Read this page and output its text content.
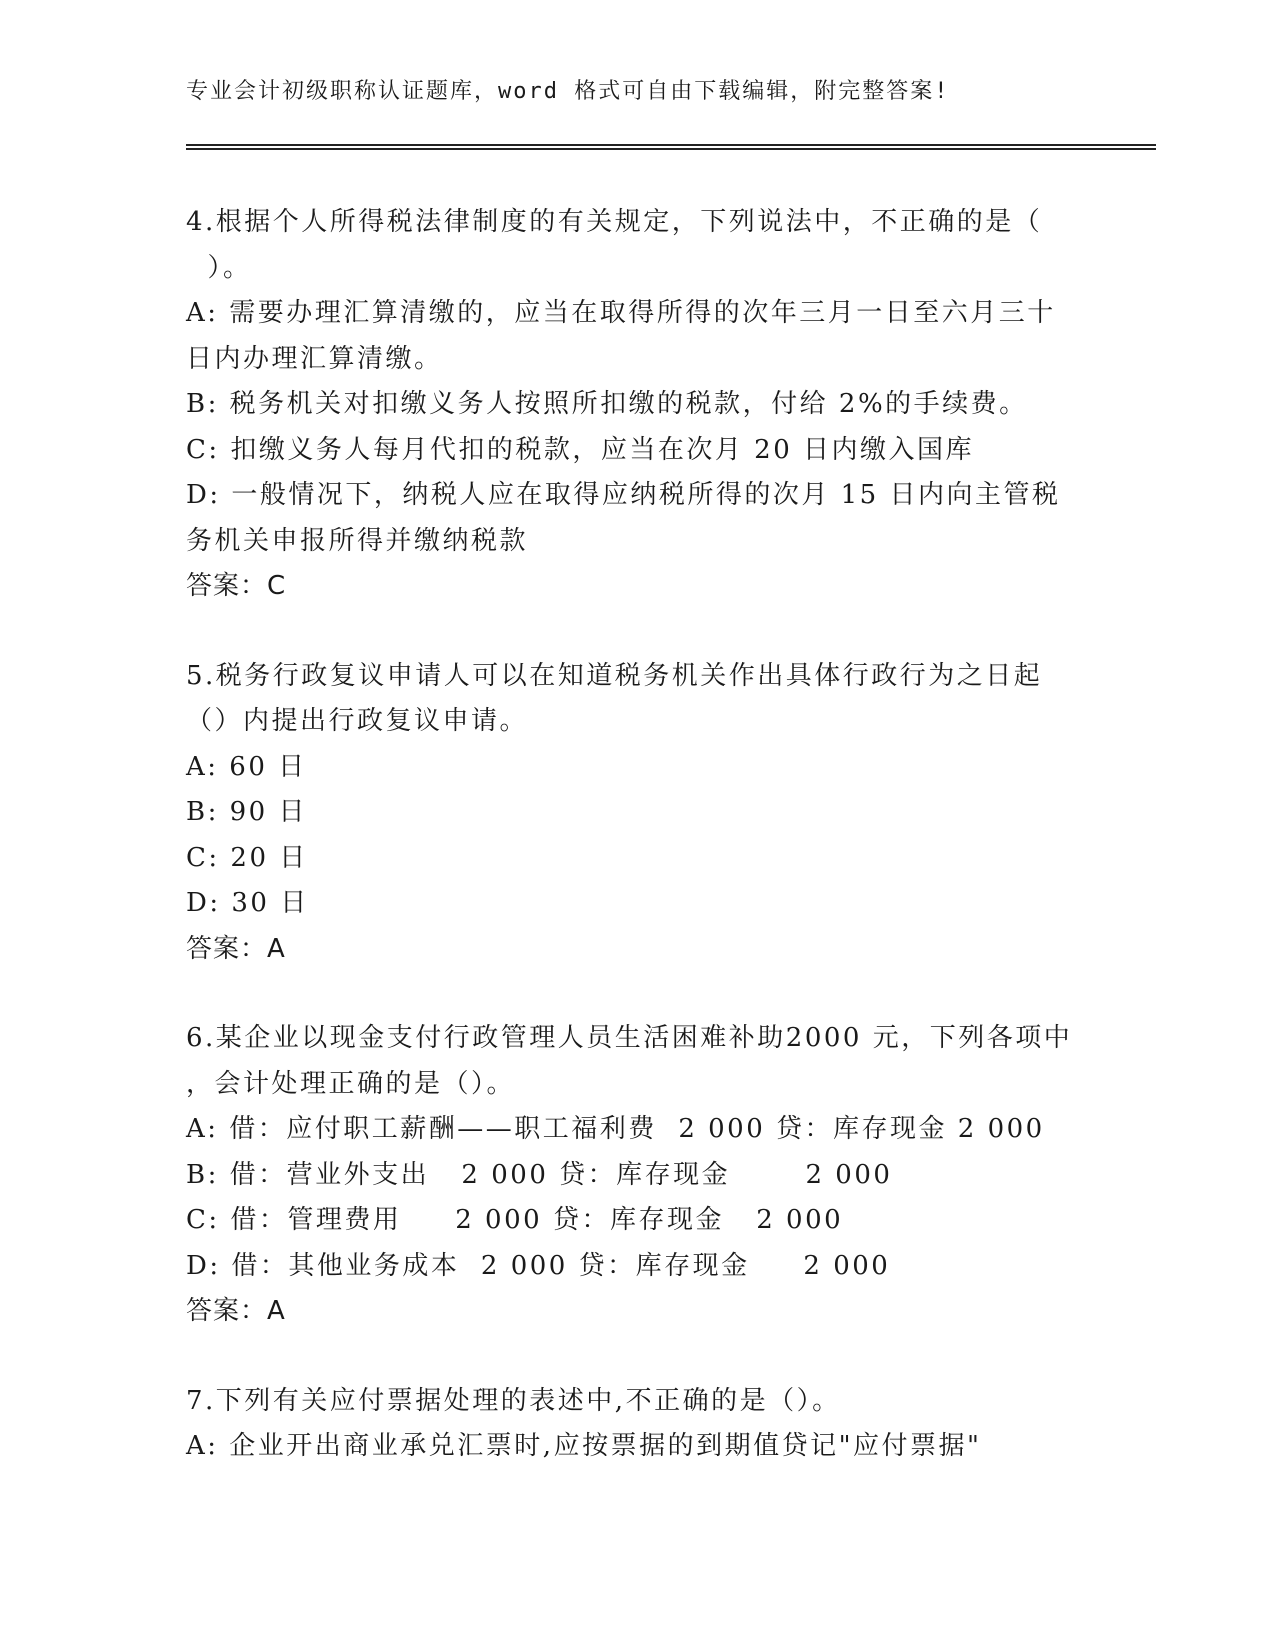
专业会计初级职称认证题库，word 格式可自由下载编辑，附完整答案!
4.根据个人所得税法律制度的有关规定，下列说法中，不正确的是（
）。
A: 需要办理汇算清缴的，应当在取得所得的次年三月一日至六月三十
日内办理汇算清缴。
B: 税务机关对扣缴义务人按照所扣缴的税款，付给 2%的手续费。
C: 扣缴义务人每月代扣的税款，应当在次月 20 日内缴入国库
D: 一般情况下，纳税人应在取得应纳税所得的次月 15 日内向主管税
务机关申报所得并缴纳税款
答案：C
5.税务行政复议申请人可以在知道税务机关作出具体行政行为之日起
（）内提出行政复议申请。
A: 60 日
B: 90 日
C: 20 日
D: 30 日
答案：A
6.某企业以现金支付行政管理人员生活困难补助2000 元，下列各项中
，会计处理正确的是（）。
A: 借：应付职工薪酬——职工福利费  2 000 贷：库存现金 2 000
B: 借：营业外支出   2 000 贷：库存现金       2 000
C: 借：管理费用     2 000 贷：库存现金   2 000
D: 借：其他业务成本  2 000 贷：库存现金     2 000
答案：A
7.下列有关应付票据处理的表述中,不正确的是（）。
A: 企业开出商业承兑汇票时,应按票据的到期值贷记"应付票据"
